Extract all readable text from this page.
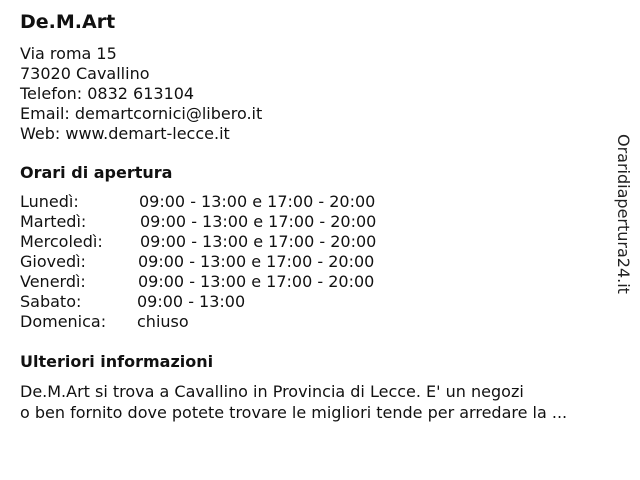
De.M.Art
Via roma 15
73020 Cavallino
Telefon: 0832 613104
Email: demartcornici@libero.it
Web: www.demart-lecce.it
Orari di apertura
Lunedì:	09:00 - 13:00 e 17:00 - 20:00
Martedì:	09:00 - 13:00 e 17:00 - 20:00
Mercoledì: 09:00 - 13:00 e 17:00 - 20:00
Giovedì:	09:00 - 13:00 e 17:00 - 20:00
Venerdì:	09:00 - 13:00 e 17:00 - 20:00
Sabato:	09:00 - 13:00
Domenica: chiuso
Ulteriori informazioni
De.M.Art si trova a Cavallino in Provincia di Lecce. E' un negozi
o ben fornito dove potete trovare le migliori tende per arredare la ...
Oraridiapertura24.it
